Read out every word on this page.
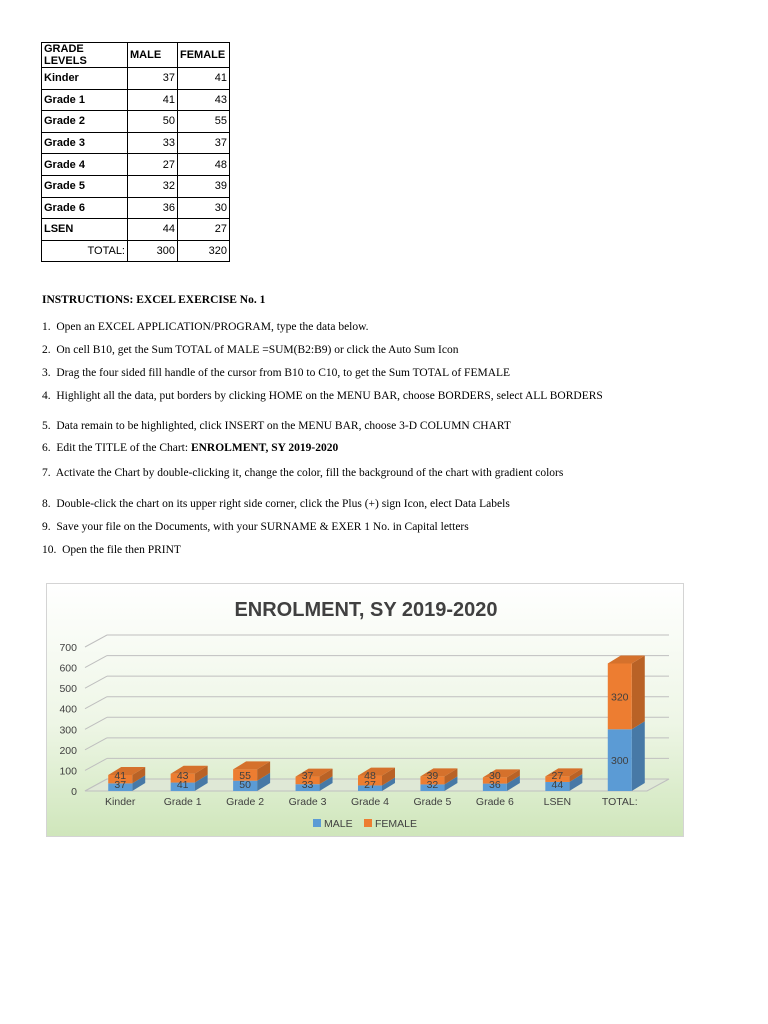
GRADE LEVELS	MALE	FEMALE
Kinder	37	41
Grade 1	41	43
Grade 2	50	55
Grade 3	33	37
Grade 4	27	48
Grade 5	32	39
Grade 6	36	30
LSEN	44	27
TOTAL:	300	320

INSTRUCTIONS: EXCEL EXERCISE No. 1

1.  Open an EXCEL APPLICATION/PROGRAM, type the data below.
2.  On cell B10, get the Sum TOTAL of MALE =SUM(B2:B9) or click the Auto Sum Icon
3.  Drag the four sided fill handle of the cursor from B10 to C10, to get the Sum TOTAL of FEMALE
4.  Highlight all the data, put borders by clicking HOME on the MENU BAR, choose BORDERS, select ALL BORDERS
5.  Data remain to be highlighted, click INSERT on the MENU BAR, choose 3-D COLUMN CHART
6.  Edit the TITLE of the Chart: ENROLMENT, SY 2019-2020
7.  Activate the Chart by double-clicking it, change the color, fill the background of the chart with gradient colors
8.  Double-click the chart on its upper right side corner, click the Plus (+) sign Icon, elect Data Labels
9.  Save your file on the Documents, with your SURNAME & EXER 1 No. in Capital letters
10.  Open the file then PRINT
ENROLMENT, SY 2019-2020
0
100
200
300
400
500
600
700
37
41
Kinder
41
43
Grade 1
50
55
Grade 2
33
37
Grade 3
27
48
Grade 4
32
39
Grade 5
36
30
Grade 6
44
27
LSEN
300
320
TOTAL:
MALE FEMALE
